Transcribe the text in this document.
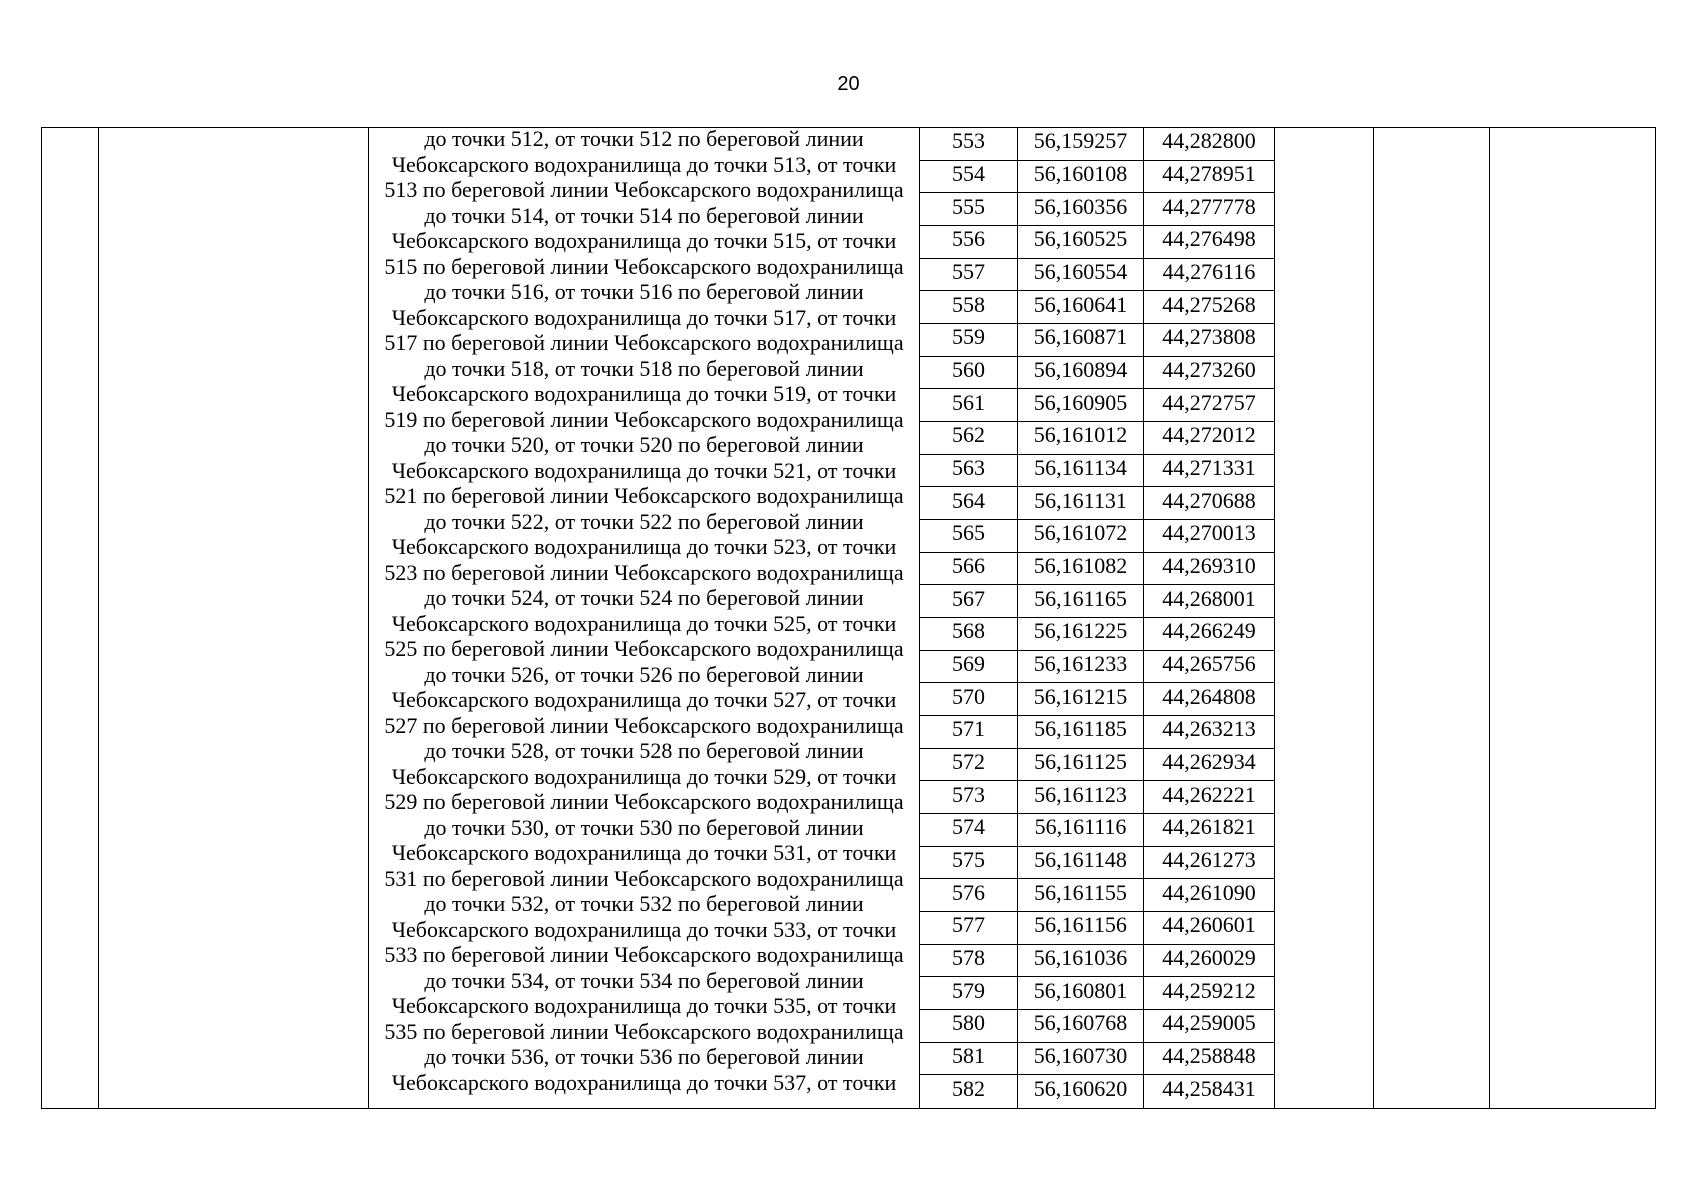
20
до точки 512, от точки 512 по береговой линии
Чебоксарского водохранилища до точки 513, от точки
513 по береговой линии Чебоксарского водохранилища
до точки 514, от точки 514 по береговой линии
Чебоксарского водохранилища до точки 515, от точки
515 по береговой линии Чебоксарского водохранилища
до точки 516, от точки 516 по береговой линии
Чебоксарского водохранилища до точки 517, от точки
517 по береговой линии Чебоксарского водохранилища
до точки 518, от точки 518 по береговой линии
Чебоксарского водохранилища до точки 519, от точки
519 по береговой линии Чебоксарского водохранилища
до точки 520, от точки 520 по береговой линии
Чебоксарского водохранилища до точки 521, от точки
521 по береговой линии Чебоксарского водохранилища
до точки 522, от точки 522 по береговой линии
Чебоксарского водохранилища до точки 523, от точки
523 по береговой линии Чебоксарского водохранилища
до точки 524, от точки 524 по береговой линии
Чебоксарского водохранилища до точки 525, от точки
525 по береговой линии Чебоксарского водохранилища
до точки 526, от точки 526 по береговой линии
Чебоксарского водохранилища до точки 527, от точки
527 по береговой линии Чебоксарского водохранилища
до точки 528, от точки 528 по береговой линии
Чебоксарского водохранилища до точки 529, от точки
529 по береговой линии Чебоксарского водохранилища
до точки 530, от точки 530 по береговой линии
Чебоксарского водохранилища до точки 531, от точки
531 по береговой линии Чебоксарского водохранилища
до точки 532, от точки 532 по береговой линии
Чебоксарского водохранилища до точки 533, от точки
533 по береговой линии Чебоксарского водохранилища
до точки 534, от точки 534 по береговой линии
Чебоксарского водохранилища до точки 535, от точки
535 по береговой линии Чебоксарского водохранилища
до точки 536, от точки 536 по береговой линии
Чебоксарского водохранилища до точки 537, от точки
553	56,159257	44,282800
554	56,160108	44,278951
555	56,160356	44,277778
556	56,160525	44,276498
557	56,160554	44,276116
558	56,160641	44,275268
559	56,160871	44,273808
560	56,160894	44,273260
561	56,160905	44,272757
562	56,161012	44,272012
563	56,161134	44,271331
564	56,161131	44,270688
565	56,161072	44,270013
566	56,161082	44,269310
567	56,161165	44,268001
568	56,161225	44,266249
569	56,161233	44,265756
570	56,161215	44,264808
571	56,161185	44,263213
572	56,161125	44,262934
573	56,161123	44,262221
574	56,161116	44,261821
575	56,161148	44,261273
576	56,161155	44,261090
577	56,161156	44,260601
578	56,161036	44,260029
579	56,160801	44,259212
580	56,160768	44,259005
581	56,160730	44,258848
582	56,160620	44,258431
